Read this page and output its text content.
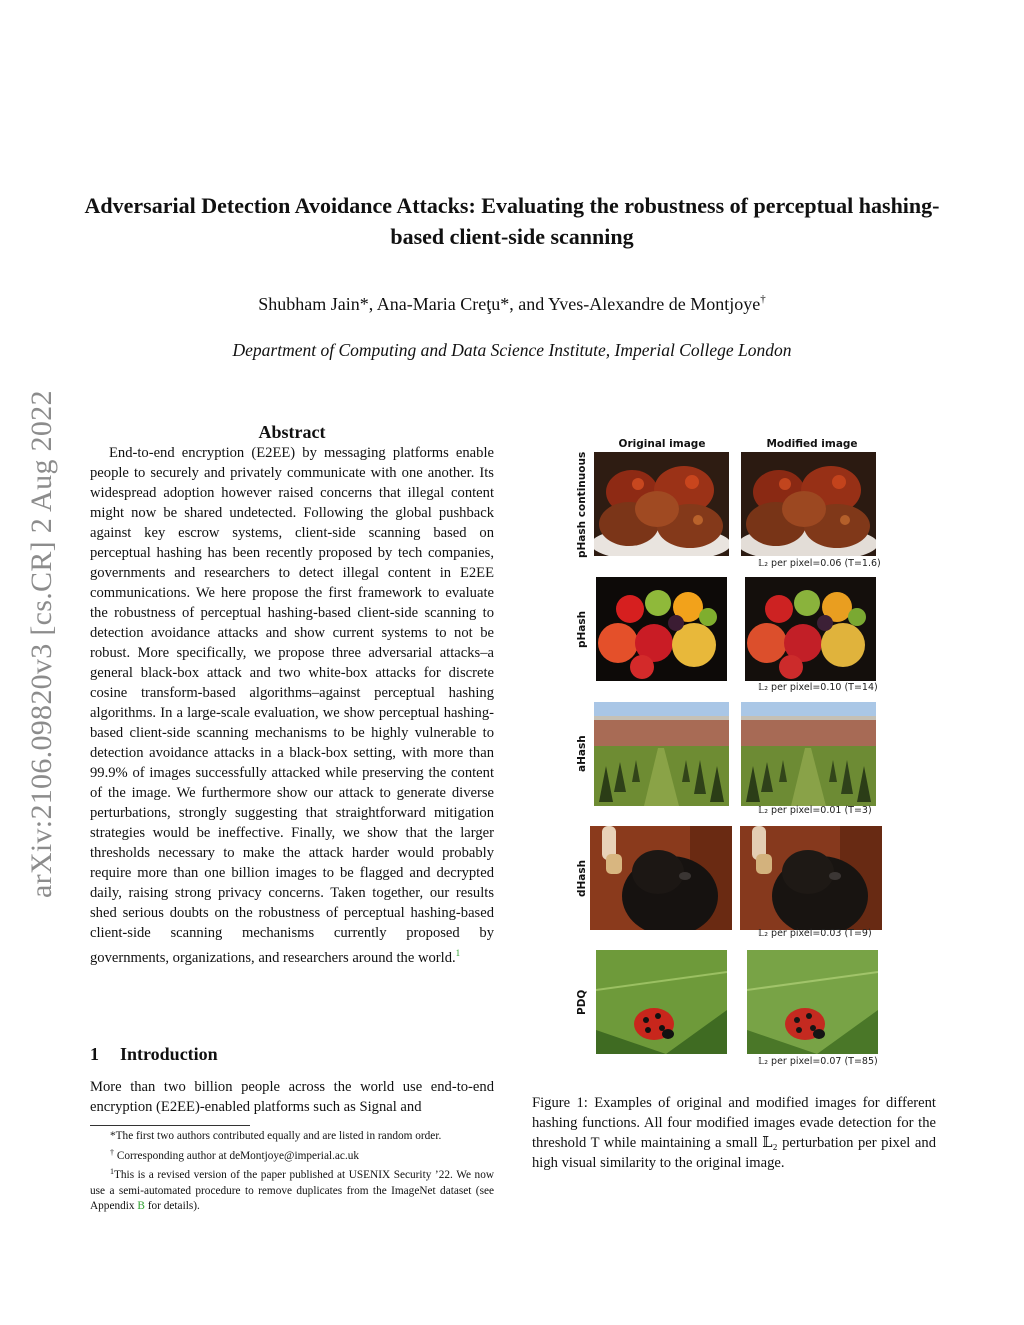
arXiv:2106.09820v3 [cs.CR] 2 Aug 2022
Adversarial Detection Avoidance Attacks: Evaluating the robustness of perceptual hashing-based client-side scanning
Shubham Jain*, Ana-Maria Creţu*, and Yves-Alexandre de Montjoye†
Department of Computing and Data Science Institute, Imperial College London
Abstract

End-to-end encryption (E2EE) by messaging platforms enable people to securely and privately communicate with one another. Its widespread adoption however raised concerns that illegal content might now be shared undetected. Following the global pushback against key escrow systems, client-side scanning based on perceptual hashing has been recently proposed by tech companies, governments and researchers to detect illegal content in E2EE communications. We here propose the first framework to evaluate the robustness of perceptual hashing-based client-side scanning to detection avoidance attacks and show current systems to not be robust. More specifically, we propose three adversarial attacks–a general black-box attack and two white-box attacks for discrete cosine transform-based algorithms–against perceptual hashing algorithms. In a large-scale evaluation, we show perceptual hashing-based client-side scanning mechanisms to be highly vulnerable to detection avoidance attacks in a black-box setting, with more than 99.9% of images successfully attacked while preserving the content of the image. We furthermore show our attack to generate diverse perturbations, strongly suggesting that straightforward mitigation strategies would be ineffective. Finally, we show that the larger thresholds necessary to make the attack harder would probably require more than one billion images to be flagged and decrypted daily, raising strong privacy concerns. Taken together, our results shed serious doubts on the robustness of perceptual hashing-based client-side scanning mechanisms currently proposed by governments, organizations, and researchers around the world.$^1$

1 Introduction

More than two billion people across the world use end-to-end encryption (E2EE)-enabled platforms such as Signal and

*The first two authors contributed equally and are listed in random order.

† Corresponding author at deMontjoye@imperial.ac.uk

$^1$This is a revised version of the paper published at USENIX Security ’22. We now use a semi-automated procedure to remove duplicates from the ImageNet dataset (see Appendix B for details).

Original image	Modified image
pHash continuous
𝕃₂ per pixel=0.06 (T=1.6)
pHash
𝕃₂ per pixel=0.10 (T=14)
aHash
𝕃₂ per pixel=0.01 (T=3)
dHash
𝕃₂ per pixel=0.03 (T=9)
PDQ
𝕃₂ per pixel=0.07 (T=85)

Figure 1: Examples of original and modified images for different hashing functions. All four modified images evade detection for the threshold T while maintaining a small 𝕃₂ perturbation per pixel and high visual similarity to the original image.
